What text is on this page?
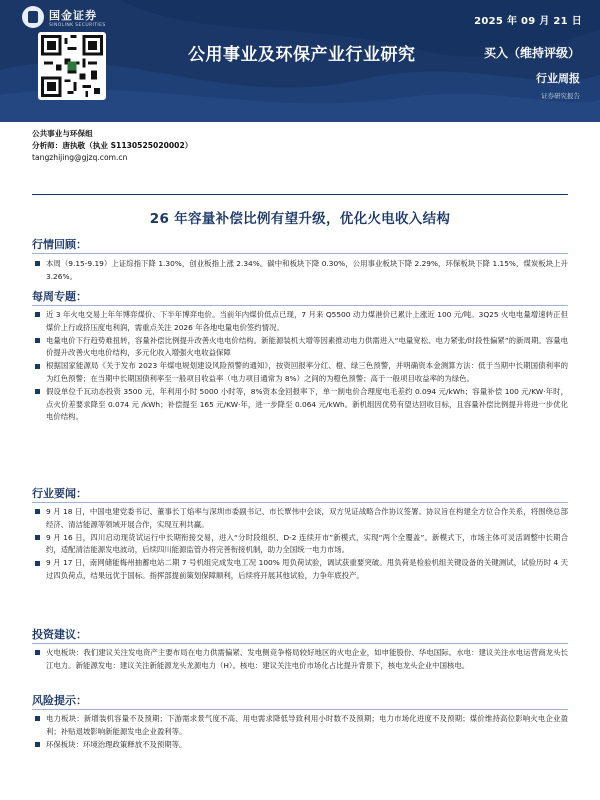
国金证券
SINOLINK SECURITIES	2025 年 09 月 21 日
公用事业及环保产业行业研究	买入（维持评级）
行业周报
证券研究报告
公共事业与环保组
分析师：唐执敬（执业 S1130525020002）
tangzhijing@gjzq.com.cn
26 年容量补偿比例有望升级，优化火电收入结构
行情回顾：
本周（9.15-9.19）上证综指下降 1.30%，创业板指上涨 2.34%。碳中和板块下降 0.30%，公用事业板块下降 2.29%，环保板块下降 1.15%，煤炭板块上升 3.26%。
每周专题：
近 3 年火电交易上年年博弈煤价、下半年博弈电价。当前年内煤价低点已现，7 月来 Q5500 动力煤港价已累计上涨近 100 元/吨。3Q25 火电电量增速转正但煤价上行或挤压度电利润，需重点关注 2026 年各地电量电价签约情况。
电量电价下行趋势难扭转，容量补偿比例提升改善火电电价结构。新能源装机大增等因素推动电力供需进入“电量宽松、电力紧张/时段性偏紧”的新周期。容量电价提升改善火电电价结构，多元化收入增强火电收益保障
根据国家能源局《关于发布 2023 年煤电规划建设风险预警的通知》，按资回报率分红、橙、绿三色预警，并明确资本金测算方法：低于当期中长期国债利率的为红色预警；在当期中长期国债利率至一般项目收益率（电力项目通常为 8%）之间的为橙色预警；高于一般项目收益率的为绿色。
假设单位千瓦动态投资 3500 元、年利用小时 5000 小时等，8%资本金回报率下，单一制电价合理度电毛差约 0.094 元/kWh；容量补偿 100 元/KW·年时，点火价差要求降至 0.074 元 /kWh；补偿提至 165 元/KW·年，进一步降至 0.064 元/kWh。新机组因优势有望达回收目标，且容量补偿比例提升将进一步优化电价结构。
行业要闻：
9 月 18 日，中国电建党委书记、董事长丁焰率与深圳市委副书记、市长覃伟中会谈，双方见证战略合作协议签署。协议旨在构建全方位合作关系，将围绕总部经济、清洁能源等领域开展合作，实现互利共赢。
9 月 16 日，四川启动现货试运行中长期衔接交易，进入“分时段组织、D-2 连续开市”新模式，实现“两个全覆盖”。新模式下，市场主体可灵活调整中长期合约，适配清洁能源发电波动，后续四川能源监管办将完善衔接机制，助力全国统一电力市场。
9 月 17 日，南网储能梅州抽蓄电站二期 7 号机组完成发电工况 100% 甩负荷试验，调试获重要突破。甩负荷是检验机组关键设备的关键测试，试验历时 4 天过四负荷点，结果远优于国标。指挥部提前策划保障顺利，后续将开展其他试验，力争年底投产。
投资建议：
火电板块：我们建议关注发电资产主要布局在电力供需偏紧、发电侧竞争格局较好地区的火电企业，如申能股份、华电国际。水电：建议关注水电运营商龙头长江电力。新能源发电：建议关注新能源龙头龙源电力（H）。核电：建议关注电价市场化占比提升背景下，核电龙头企业中国核电。
风险提示：
电力板块：新增装机容量不及预期；下游需求景气度不高、用电需求降低导致利用小时数不及预期；电力市场化进度不及预期；煤价维持高位影响火电企业盈利；补贴退坡影响新能源发电企业盈利等。
环保板块：环境治理政策释放不及预期等。
